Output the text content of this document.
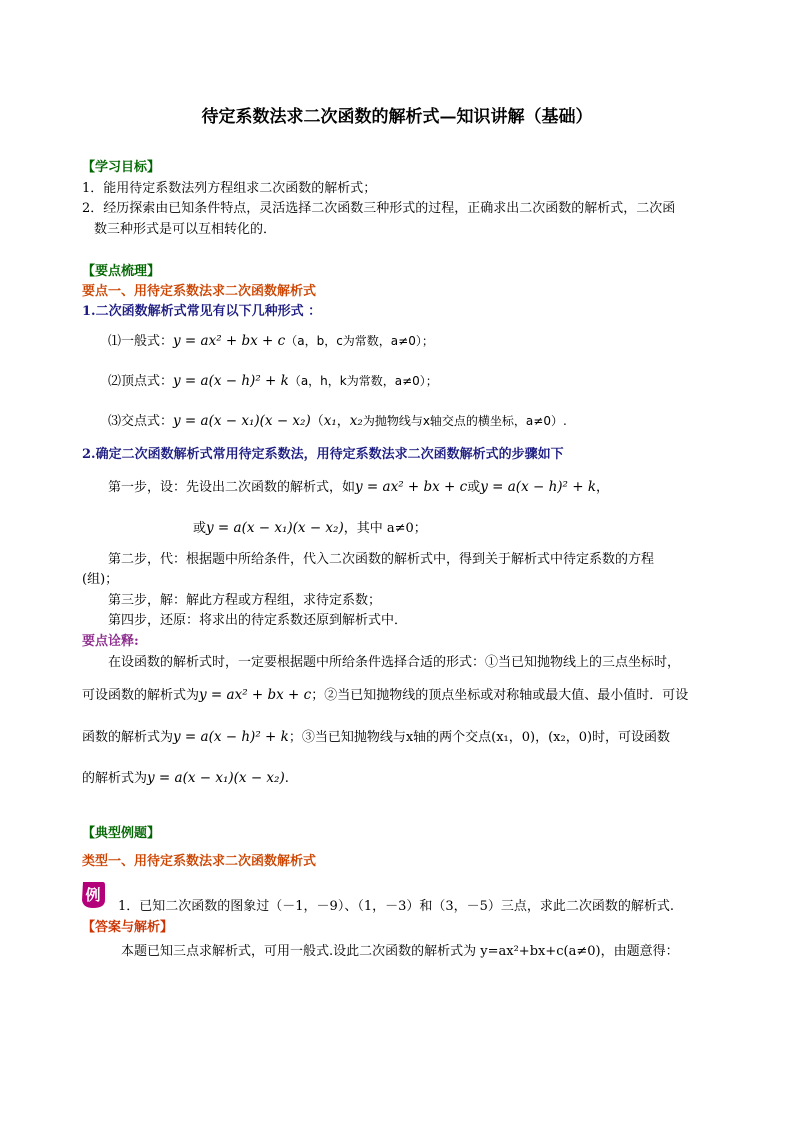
待定系数法求二次函数的解析式—知识讲解（基础）
【学习目标】
1．能用待定系数法列方程组求二次函数的解析式；
2．经历探索由已知条件特点，灵活选择二次函数三种形式的过程，正确求出二次函数的解析式，二次函
数三种形式是可以互相转化的．
【要点梳理】
要点一、用待定系数法求二次函数解析式
1.二次函数解析式常见有以下几种形式 ：
⑴一般式：y = ax² + bx + c（a，b，c为常数，a≠0）；
⑵顶点式：y = a(x − h)² + k（a，h，k为常数，a≠0）；
⑶交点式：y = a(x − x₁)(x − x₂)（x₁，x₂为抛物线与x轴交点的横坐标，a≠0）.
2.确定二次函数解析式常用待定系数法，用待定系数法求二次函数解析式的步骤如下
第一步，设：先设出二次函数的解析式，如y = ax² + bx + c或y = a(x − h)² + k，
或y = a(x − x₁)(x − x₂)，其中 a≠0；
第二步，代：根据题中所给条件，代入二次函数的解析式中，得到关于解析式中待定系数的方程
(组)；
第三步，解：解此方程或方程组，求待定系数；
第四步，还原：将求出的待定系数还原到解析式中．
要点诠释:
在设函数的解析式时，一定要根据题中所给条件选择合适的形式：①当已知抛物线上的三点坐标时，
可设函数的解析式为y = ax² + bx + c；②当已知抛物线的顶点坐标或对称轴或最大值、最小值时．可设
函数的解析式为y = a(x − h)² + k；③当已知抛物线与x轴的两个交点(x₁，0)，(x₂，0)时，可设函数
的解析式为y = a(x − x₁)(x − x₂).
【典型例题】
类型一、用待定系数法求二次函数解析式
例
1．已知二次函数的图象过（－1，－9）、（1，－3）和（3，－5）三点，求此二次函数的解析式.
【答案与解析】
本题已知三点求解析式，可用一般式.设此二次函数的解析式为 y=ax²+bx+c(a≠0)，由题意得：
